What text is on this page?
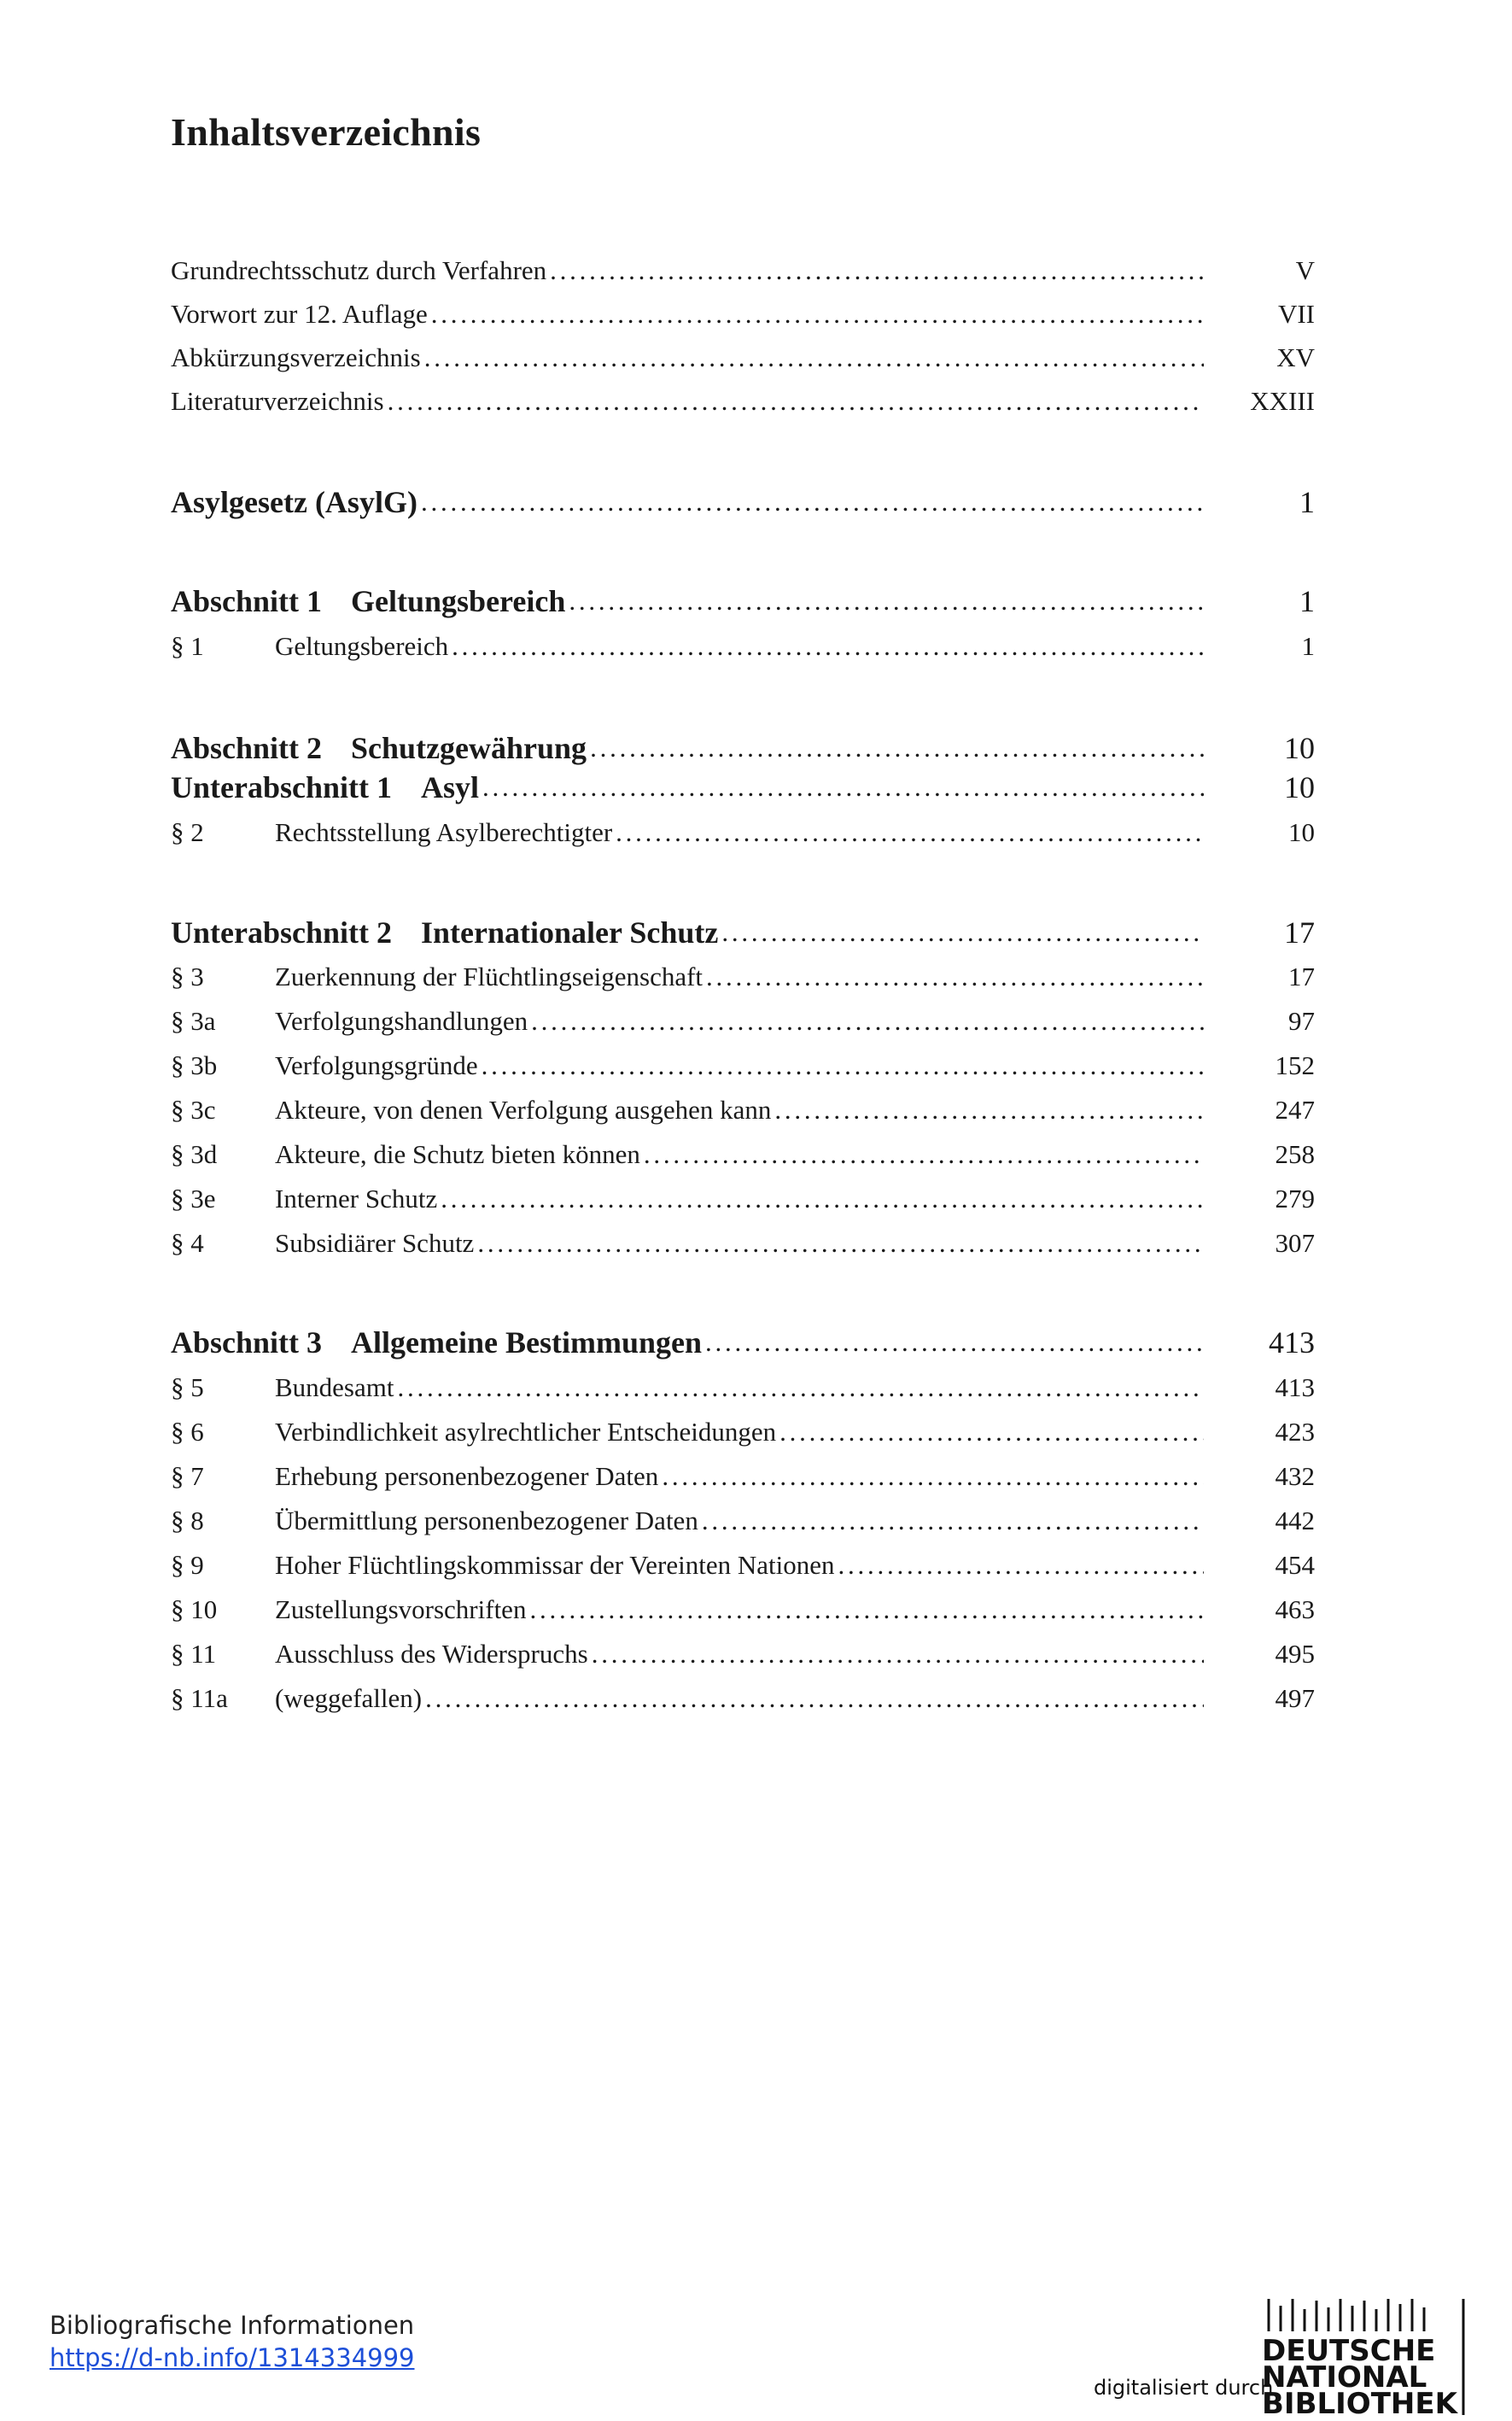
Inhaltsverzeichnis
Grundrechtsschutz durch Verfahren . . .	V
Vorwort zur 12. Auflage . . .	VII
Abkürzungsverzeichnis . . .	XV
Literaturverzeichnis . . .	XXIII
Asylgesetz (AsylG) . . .	1
Abschnitt 1 Geltungsbereich . . .	1
§ 1	Geltungsbereich . . .	1
Abschnitt 2 Schutzgewährung . . .	10
Unterabschnitt 1 Asyl . . .	10
§ 2	Rechtsstellung Asylberechtigter . . .	10
Unterabschnitt 2 Internationaler Schutz . . .	17
§ 3	Zuerkennung der Flüchtlingseigenschaft . . .	17
§ 3a	Verfolgungshandlungen . . .	97
§ 3b	Verfolgungsgründe . . .	152
§ 3c	Akteure, von denen Verfolgung ausgehen kann . . .	247
§ 3d	Akteure, die Schutz bieten können . . .	258
§ 3e	Interner Schutz . . .	279
§ 4	Subsidiärer Schutz . . .	307
Abschnitt 3 Allgemeine Bestimmungen . . .	413
§ 5	Bundesamt . . .	413
§ 6	Verbindlichkeit asylrechtlicher Entscheidungen . . .	423
§ 7	Erhebung personenbezogener Daten . . .	432
§ 8	Übermittlung personenbezogener Daten . . .	442
§ 9	Hoher Flüchtlingskommissar der Vereinten Nationen . . .	454
§ 10	Zustellungsvorschriften . . .	463
§ 11	Ausschluss des Widerspruchs . . .	495
§ 11a	(weggefallen) . . .	497
Bibliografische Informationen
https://d-nb.info/1314334999
digitalisiert durch
DEUTSCHE
NATIONAL
BIBLIOTHEK
